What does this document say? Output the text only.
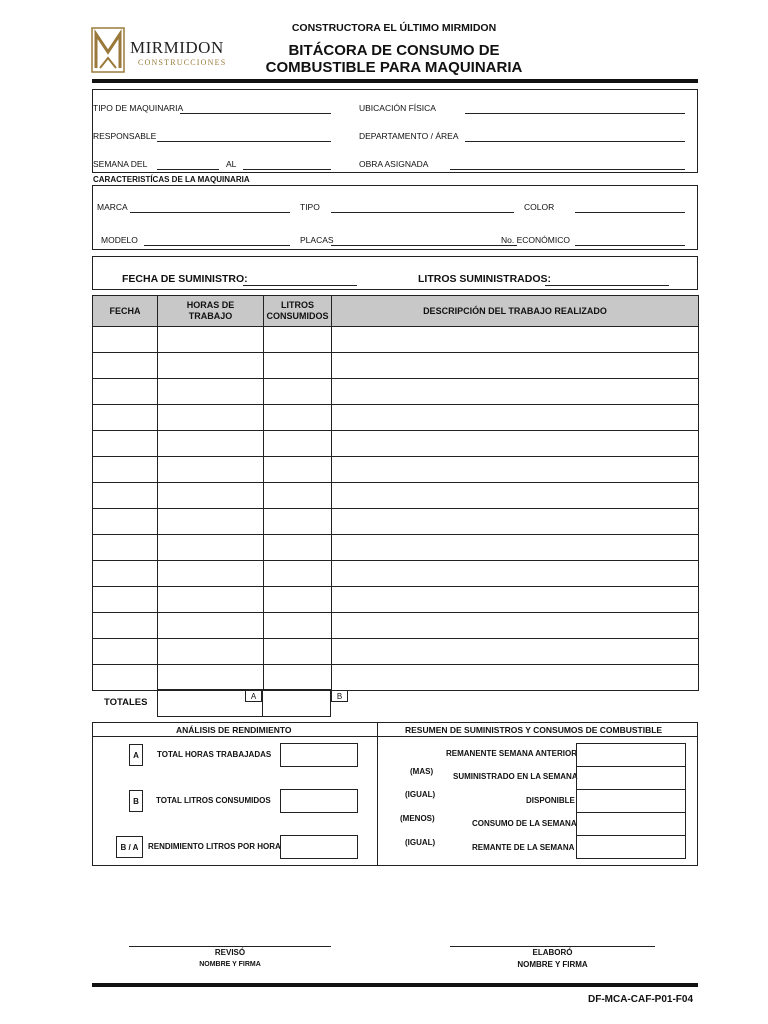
MIRMIDON
CONSTRUCCIONES
CONSTRUCTORA EL ÚLTIMO MIRMIDON
BITÁCORA DE CONSUMO DE
COMBUSTIBLE PARA MAQUINARIA
TIPO DE MAQUINARIA	UBICACIÓN FÍSICA
RESPONSABLE	DEPARTAMENTO / ÁREA
SEMANA DEL	AL	OBRA ASIGNADA
CARACTERISTÍCAS DE LA MAQUINARIA
MARCA	TIPO	COLOR
MODELO	PLACAS	No. ECONÓMICO
FECHA DE SUMINISTRO:	LITROS SUMINISTRADOS:
FECHA	HORAS DE TRABAJO	LITROS CONSUMIDOS	DESCRIPCIÓN DEL TRABAJO REALIZADO

TOTALES
A	B
ANÁLISIS DE RENDIMIENTO	RESUMEN DE SUMINISTROS Y CONSUMOS DE COMBUSTIBLE
A	TOTAL HORAS TRABAJADAS
B	TOTAL LITROS CONSUMIDOS
B / A	RENDIMIENTO LITROS POR HORA
REMANENTE SEMANA ANTERIOR
(MAS)
SUMINISTRADO EN LA SEMANA
(IGUAL)
DISPONIBLE
(MENOS)
CONSUMO DE LA SEMANA
(IGUAL)
REMANTE DE LA SEMANA
REVISÓ
NOMBRE Y FIRMA
ELABORÓ
NOMBRE Y FIRMA
DF-MCA-CAF-P01-F04
